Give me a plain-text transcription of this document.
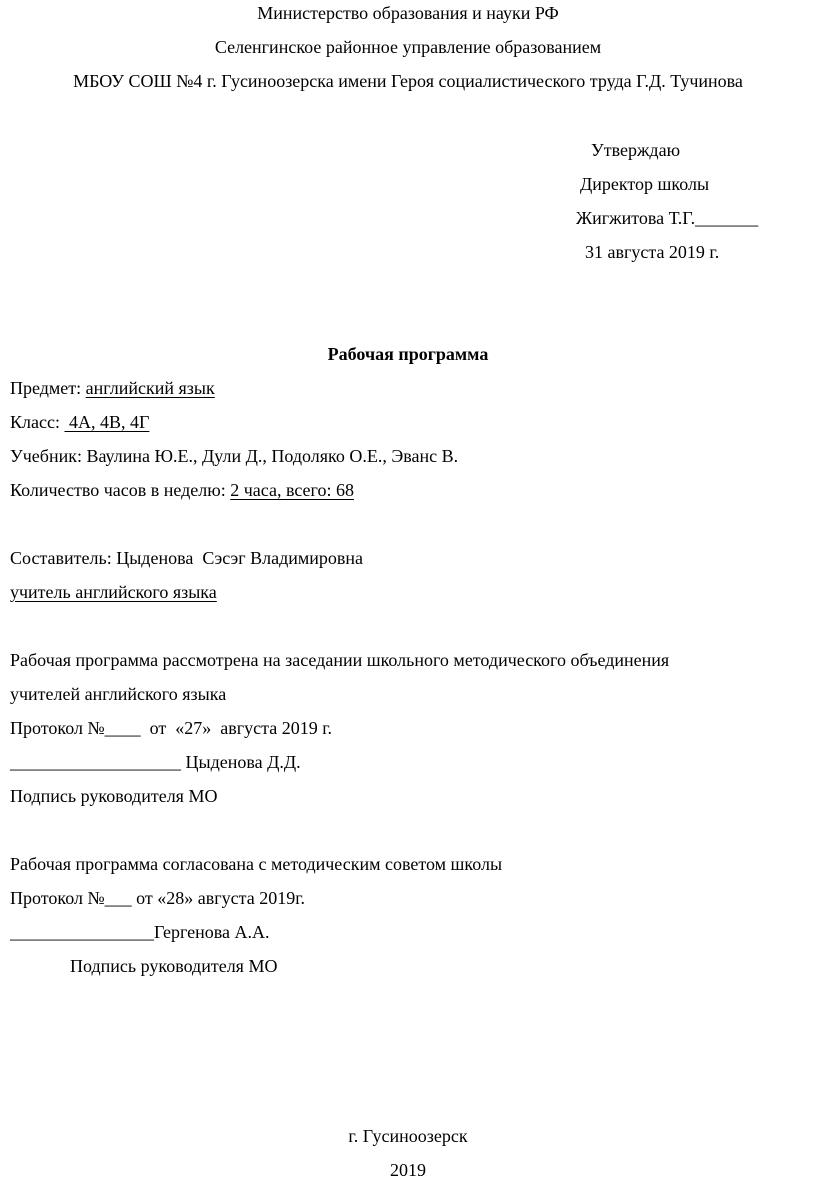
Министерство образования и науки РФ
Селенгинское районное управление образованием
МБОУ СОШ №4 г. Гусиноозерска имени Героя социалистического труда Г.Д. Тучинова
Утверждаю
Директор школы
Жигжитова Т.Г._______
31 августа 2019 г.
Рабочая программа
Предмет: английский язык
Класс:  4А, 4В, 4Г
Учебник: Ваулина Ю.Е., Дули Д., Подоляко О.Е., Эванс В.
Количество часов в неделю: 2 часа, всего: 68
Составитель: Цыденова  Сэсэг Владимировна
учитель английского языка
Рабочая программа рассмотрена на заседании школьного методического объединения
учителей английского языка
Протокол №____  от  «27»  августа 2019 г.
___________________ Цыденова Д.Д.
Подпись руководителя МО
Рабочая программа согласована с методическим советом школы
Протокол №___ от «28» августа 2019г.
________________Гергенова А.А.
Подпись руководителя МО
г. Гусиноозерск
2019
